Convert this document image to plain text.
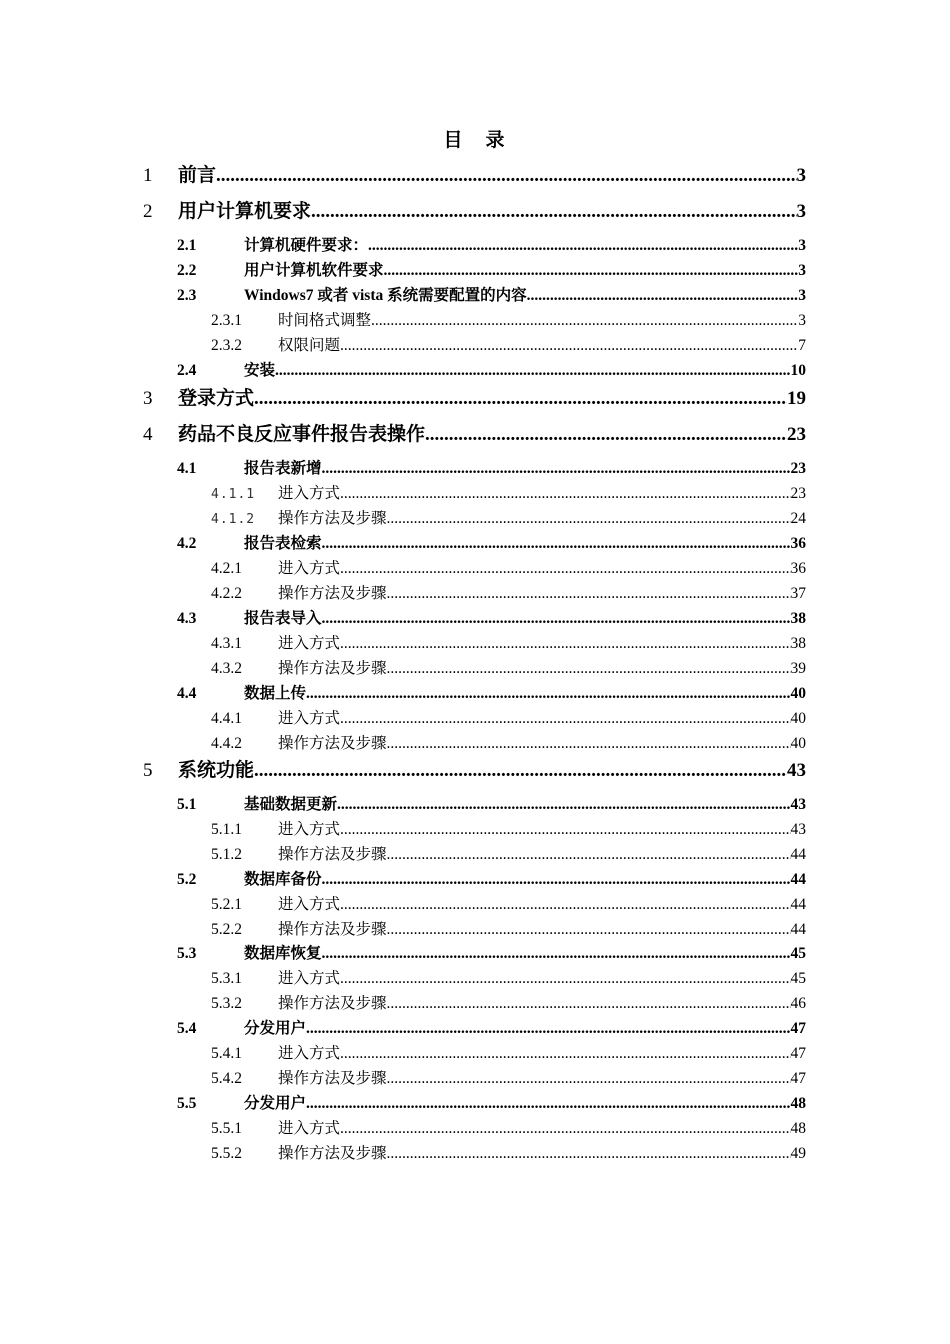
目　录
1	前言 .....	3
2	用户计算机要求 .....	3
2.1	计算机硬件要求： .....	3
2.2	用户计算机软件要求 .....	3
2.3	Windows7 或者 vista 系统需要配置的内容 .....	3
2.3.1	时间格式调整 .....	3
2.3.2	权限问题 .....	7
2.4	安装 .....	10
3	登录方式 .....	19
4	药品不良反应事件报告表操作 .....	23
4.1	报告表新增 .....	23
4.1.1	进入方式 .....	23
4.1.2	操作方法及步骤 .....	24
4.2	报告表检索 .....	36
4.2.1	进入方式 .....	36
4.2.2	操作方法及步骤 .....	37
4.3	报告表导入 .....	38
4.3.1	进入方式 .....	38
4.3.2	操作方法及步骤 .....	39
4.4	数据上传 .....	40
4.4.1	进入方式 .....	40
4.4.2	操作方法及步骤 .....	40
5	系统功能 .....	43
5.1	基础数据更新 .....	43
5.1.1	进入方式 .....	43
5.1.2	操作方法及步骤 .....	44
5.2	数据库备份 .....	44
5.2.1	进入方式 .....	44
5.2.2	操作方法及步骤 .....	44
5.3	数据库恢复 .....	45
5.3.1	进入方式 .....	45
5.3.2	操作方法及步骤 .....	46
5.4	分发用户 .....	47
5.4.1	进入方式 .....	47
5.4.2	操作方法及步骤 .....	47
5.5	分发用户 .....	48
5.5.1	进入方式 .....	48
5.5.2	操作方法及步骤 .....	49
